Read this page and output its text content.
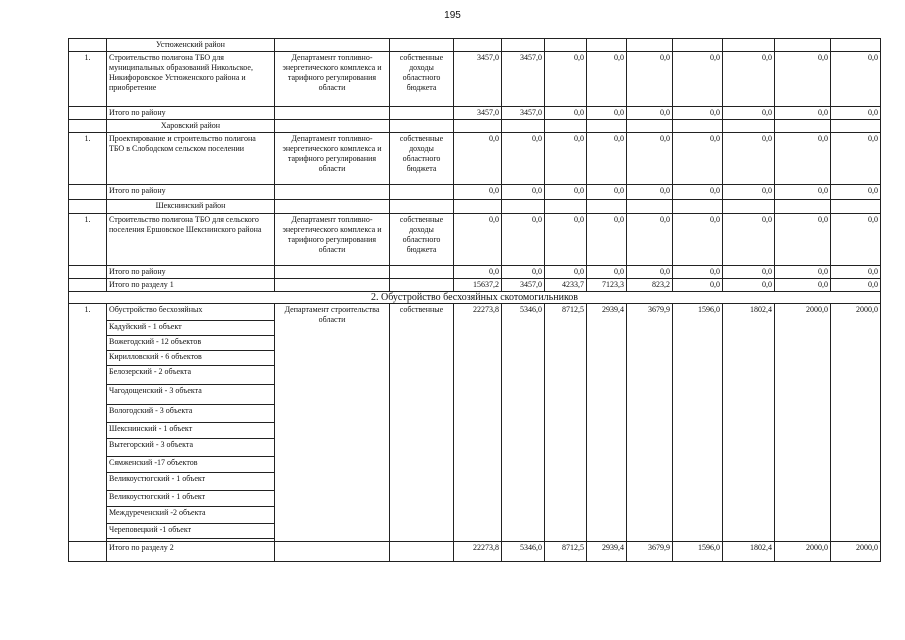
195
	Устюженский район											
1.	Строительство полигона ТБО для муниципальных образований Никольское, Никифоровское Устюженского района и приобретение	Департамент топливно-энергетического комплекса и тарифного регулирования области	собственные доходы областного бюджета	3457,0	3457,0	0,0	0,0	0,0	0,0	0,0	0,0	0,0
	Итого по району			3457,0	3457,0	0,0	0,0	0,0	0,0	0,0	0,0	0,0
	Харовский район											
1.	Проектирование и строительство полигона ТБО в Слободском сельском поселении	Департамент топливно-энергетического комплекса и тарифного регулирования области	собственные доходы областного бюджета	0,0	0,0	0,0	0,0	0,0	0,0	0,0	0,0	0,0
	Итого по району			0,0	0,0	0,0	0,0	0,0	0,0	0,0	0,0	0,0
	Шекснинский район											
1.	Строительство полигона ТБО для сельского поселения Ершовское Шекснинского района	Департамент топливно-энергетического комплекса и тарифного регулирования области	собственные доходы областного бюджета	0,0	0,0	0,0	0,0	0,0	0,0	0,0	0,0	0,0
	Итого по району			0,0	0,0	0,0	0,0	0,0	0,0	0,0	0,0	0,0
	Итого по разделу 1			15637,2	3457,0	4233,7	7123,3	823,2	0,0	0,0	0,0	0,0
2. Обустройство бесхозяйных скотомогильников												
1.	Обустройство бесхозяйных	Департамент строительства области	собственные	22273,8	5346,0	8712,5	2939,4	3679,9	1596,0	1802,4	2000,0	2000,0
	Кадуйский - 1 объект											
	Вожегодский - 12 объектов											
	Кирилловский - 6 объектов											
	Белозерский - 2 объекта											
	Чагодощенский - 3 объекта											
	Вологодский - 3 объекта											
	Шекснинский - 1 объект											
	Вытегорский - 3 объекта											
	Сямженский -17 объектов											
	Великоустюгский - 1 объект											
	Великоустюгский - 1 объект											
	Междуреченский -2 объекта											
	Череповецкий -1 объект											

	Итого по разделу 2			22273,8	5346,0	8712,5	2939,4	3679,9	1596,0	1802,4	2000,0	2000,0
